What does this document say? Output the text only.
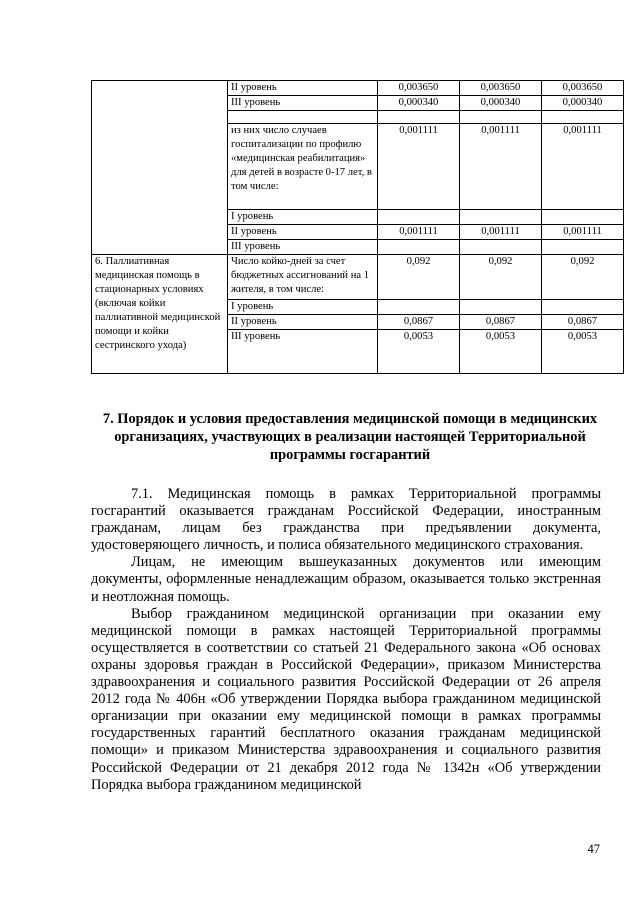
	II уровень	0,003650	0,003650	0,003650
	III уровень	0,000340	0,000340	0,000340

	из них число случаев госпитализации по профилю «медицинская реабилитация» для детей в возрасте 0-17 лет, в том числе:	0,001111	0,001111	0,001111
	I уровень			
	II уровень	0,001111	0,001111	0,001111
	III уровень			
6. Паллиативная медицинская помощь в стационарных условиях (включая койки паллиативной медицинской помощи и койки сестринского ухода)	Число койко-дней за счет бюджетных ассигнований на 1 жителя, в том числе:	0,092	0,092	0,092
	I уровень			
	II уровень	0,0867	0,0867	0,0867
	III уровень	0,0053	0,0053	0,0053
7. Порядок и условия предоставления медицинской помощи в медицинских организациях, участвующих в реализации настоящей Территориальной программы госгарантий

7.1. Медицинская помощь в рамках Территориальной программы госгарантий оказывается гражданам Российской Федерации, иностранным гражданам, лицам без гражданства при предъявлении документа, удостоверяющего личность, и полиса обязательного медицинского страхования.

Лицам, не имеющим вышеуказанных документов или имеющим документы, оформленные ненадлежащим образом, оказывается только экстренная и неотложная помощь.

Выбор гражданином медицинской организации при оказании ему медицинской помощи в рамках настоящей Территориальной программы осуществляется в соответствии со статьей 21 Федерального закона «Об основах охраны здоровья граждан в Российской Федерации», приказом Министерства здравоохранения и социального развития Российской Федерации от 26 апреля 2012 года № 406н «Об утверждении Порядка выбора гражданином медицинской организации при оказании ему медицинской помощи в рамках программы государственных гарантий бесплатного оказания гражданам медицинской помощи» и приказом Министерства здравоохранения и социального развития Российской Федерации от 21 декабря 2012 года № 1342н «Об утверждении Порядка выбора гражданином медицинской

47
